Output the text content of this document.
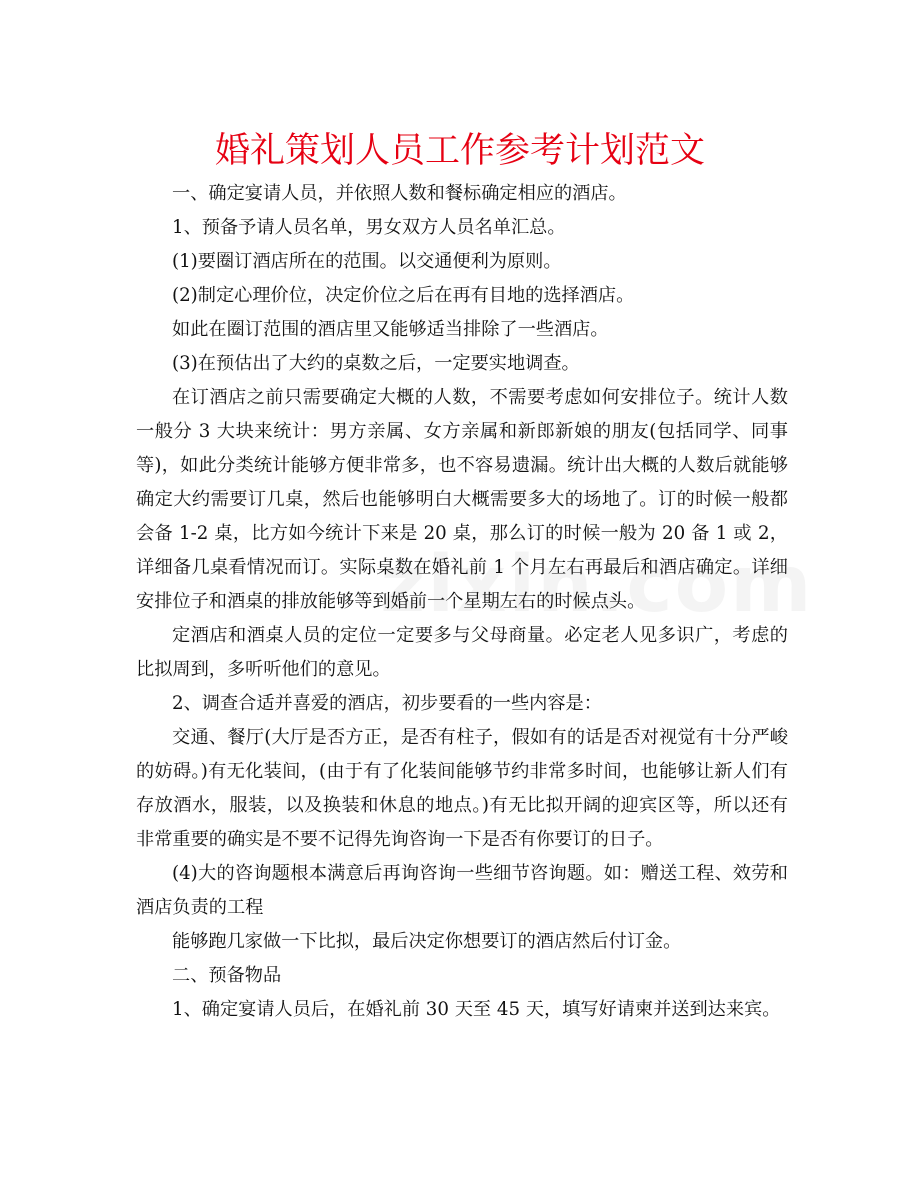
婚礼策划人员工作参考计划范文

一、确定宴请人员，并依照人数和餐标确定相应的酒店。

1、预备予请人员名单，男女双方人员名单汇总。

(1)要圈订酒店所在的范围。以交通便利为原则。

(2)制定心理价位，决定价位之后在再有目地的选择酒店。

如此在圈订范围的酒店里又能够适当排除了一些酒店。

(3)在预估出了大约的桌数之后，一定要实地调查。

在订酒店之前只需要确定大概的人数，不需要考虑如何安排位子。统计人数一般分 3 大块来统计：男方亲属、女方亲属和新郎新娘的朋友(包括同学、同事等)，如此分类统计能够方便非常多，也不容易遗漏。统计出大概的人数后就能够确定大约需要订几桌，然后也能够明白大概需要多大的场地了。订的时候一般都会备 1-2 桌，比方如今统计下来是 20 桌，那么订的时候一般为 20 备 1 或 2，详细备几桌看情况而订。实际桌数在婚礼前 1 个月左右再最后和酒店确定。详细安排位子和酒桌的排放能够等到婚前一个星期左右的时候点头。

定酒店和酒桌人员的定位一定要多与父母商量。必定老人见多识广，考虑的比拟周到，多听听他们的意见。

2、调查合适并喜爱的酒店，初步要看的一些内容是：

交通、餐厅(大厅是否方正，是否有柱子，假如有的话是否对视觉有十分严峻的妨碍。)有无化装间，(由于有了化装间能够节约非常多时间，也能够让新人们有存放酒水，服装，以及换装和休息的地点。)有无比拟开阔的迎宾区等，所以还有非常重要的确实是不要不记得先询咨询一下是否有你要订的日子。

(4)大的咨询题根本满意后再询咨询一些细节咨询题。如：赠送工程、效劳和酒店负责的工程

能够跑几家做一下比拟，最后决定你想要订的酒店然后付订金。

二、预备物品

1、确定宴请人员后，在婚礼前 30 天至 45 天，填写好请柬并送到达来宾。
